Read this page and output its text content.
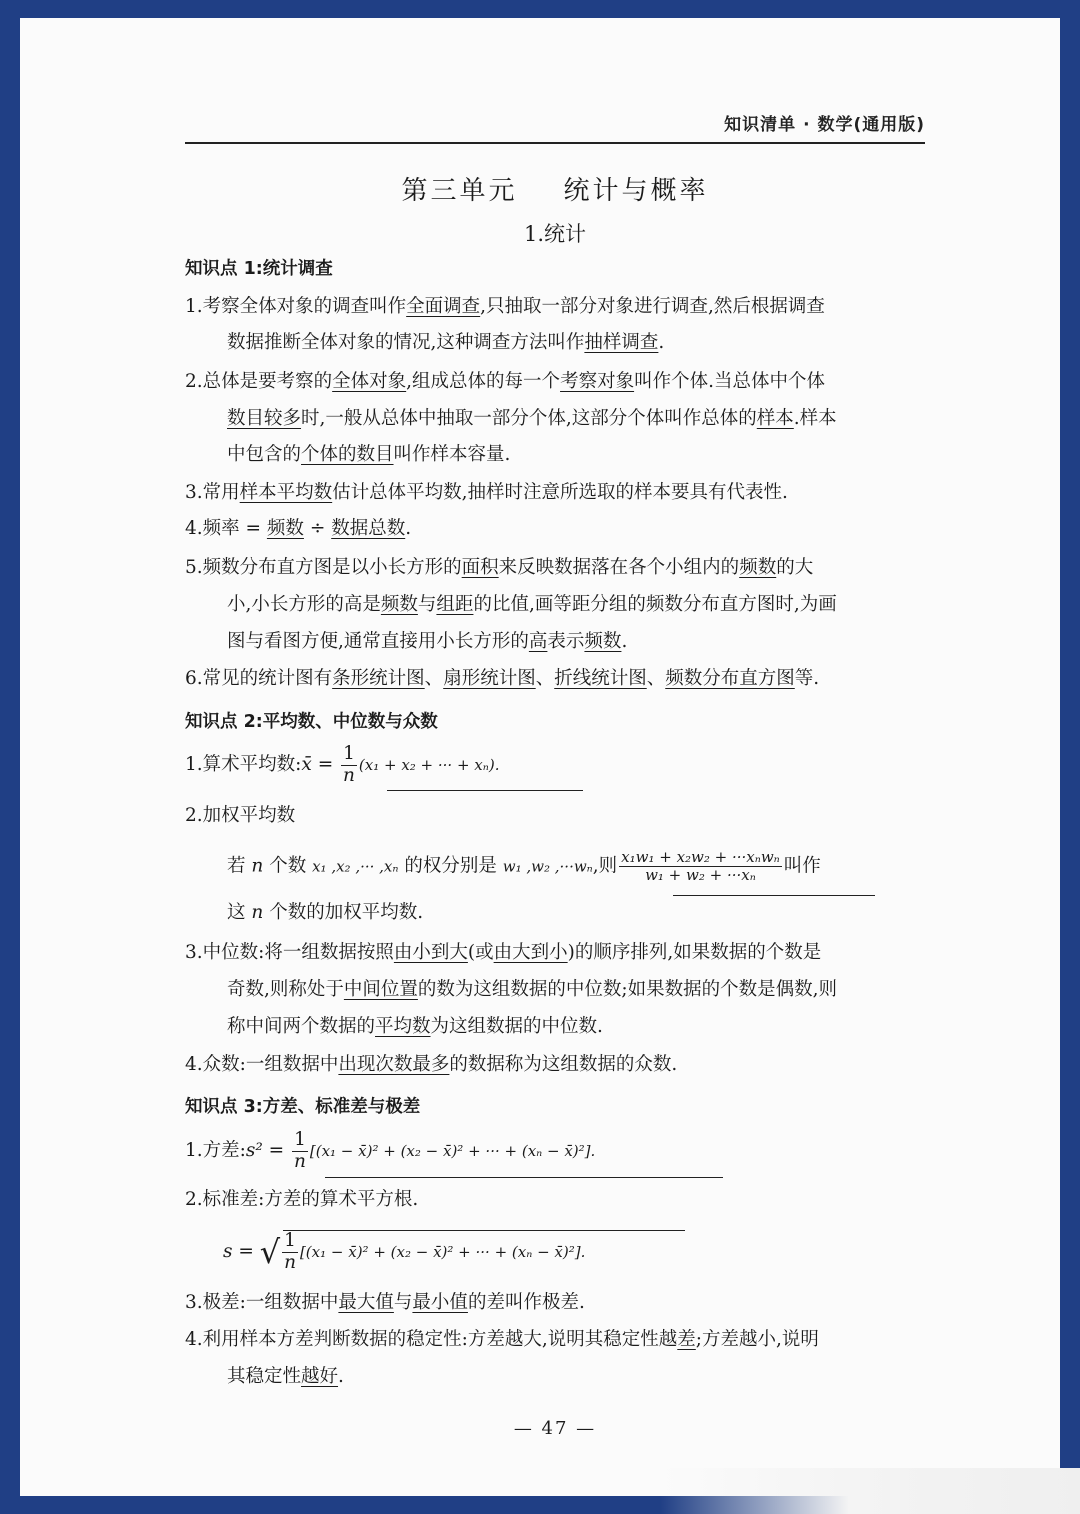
知识清单 · 数学(通用版)
第三单元 统计与概率
1.统计
知识点 1:统计调查
1.考察全体对象的调查叫作全面调查,只抽取一部分对象进行调查,然后根据调查
数据推断全体对象的情况,这种调查方法叫作抽样调查.
2.总体是要考察的全体对象,组成总体的每一个考察对象叫作个体.当总体中个体
数目较多时,一般从总体中抽取一部分个体,这部分个体叫作总体的样本.样本
中包含的个体的数目叫作样本容量.
3.常用样本平均数估计总体平均数,抽样时注意所选取的样本要具有代表性.
4.频率 = 频数 ÷ 数据总数.
5.频数分布直方图是以小长方形的面积来反映数据落在各个小组内的频数的大
小,小长方形的高是频数与组距的比值,画等距分组的频数分布直方图时,为画
图与看图方便,通常直接用小长方形的高表示频数.
6.常见的统计图有条形统计图、扇形统计图、折线统计图、频数分布直方图等.
知识点 2:平均数、中位数与众数
1.算术平均数:x̄ = $\frac{1}{n} (x_1 + x_2$ + ··· + xₙ).
2.加权平均数
若 n 个数 x₁ ,x₂ ,··· ,xₙ 的权分别是 w₁ ,w₂ ,···wₙ,则 $\frac{\text{x₁w₁ + x₂w₂ + ···xₙwₙ}}{\text{w₁ + w₂ + ···xₙ}}$ 叫作
这 n 个数的加权平均数.
3.中位数:将一组数据按照由小到大(或由大到小)的顺序排列,如果数据的个数是
奇数,则称处于中间位置的数为这组数据的中位数;如果数据的个数是偶数,则
称中间两个数据的平均数为这组数据的中位数.
4.众数:一组数据中出现次数最多的数据称为这组数据的众数.
知识点 3:方差、标准差与极差
1.方差:s² = $\frac{1}{n} [(x_1$ − x̄)² + (x₂ − x̄)² + ··· + (xₙ − x̄)²].
2.标准差:方差的算术平方根.
s = √ $\frac{1}{n} [(x_1$ − x̄)² + (x₂ − x̄)² + ··· + (xₙ − x̄)²].
3.极差:一组数据中最大值与最小值的差叫作极差.
4.利用样本方差判断数据的稳定性:方差越大,说明其稳定性越差;方差越小,说明
其稳定性越好.
— 47 —
